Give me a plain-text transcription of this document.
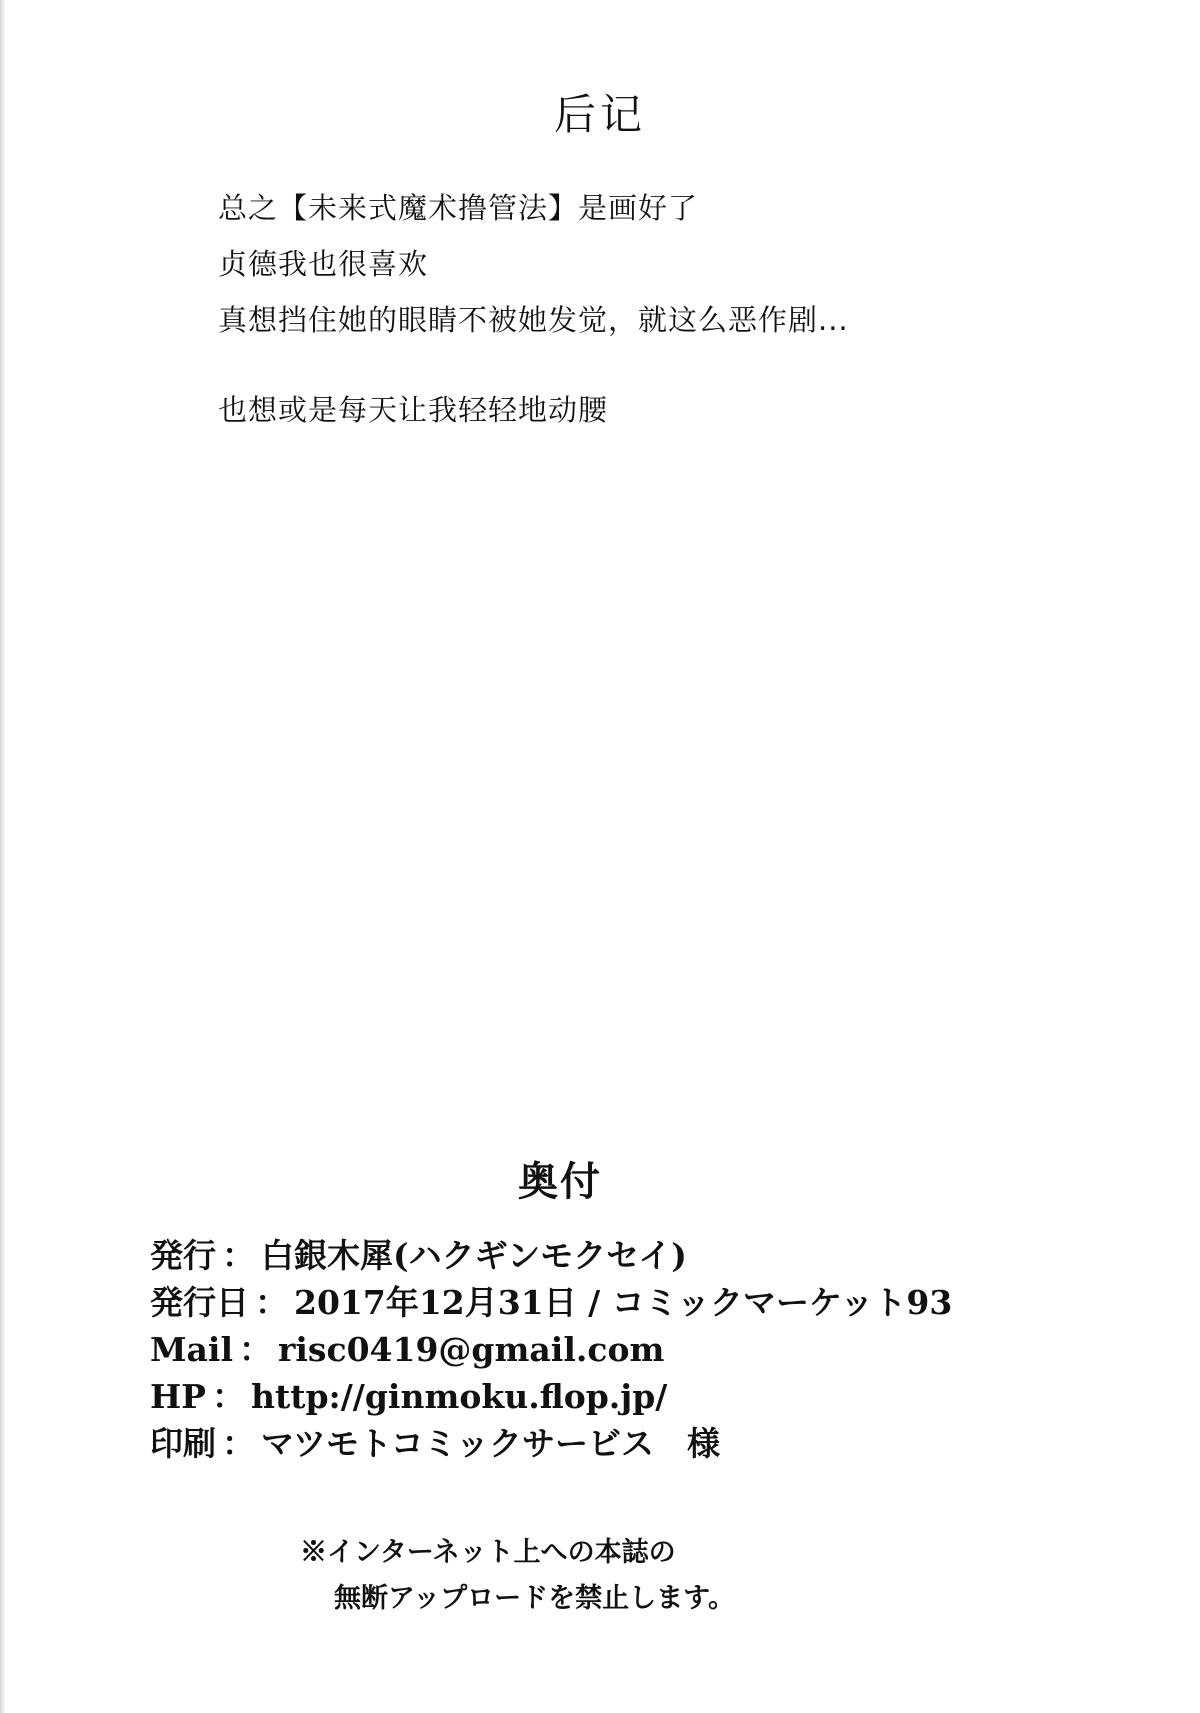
后记
总之【未来式魔术撸管法】是画好了
贞德我也很喜欢
真想挡住她的眼睛不被她发觉，就这么恶作剧...
也想或是每天让我轻轻地动腰
奥付
発行 ： 白銀木犀(ハクギンモクセイ)
発行日 ： 2017年12月31日 / コミックマーケット93
Mail ： risc0419@gmail.com
HP ： http://ginmoku.flop.jp/
印刷 ： マツモトコミックサービス　様
※インターネット上への本誌の
無断アップロードを禁止します。
